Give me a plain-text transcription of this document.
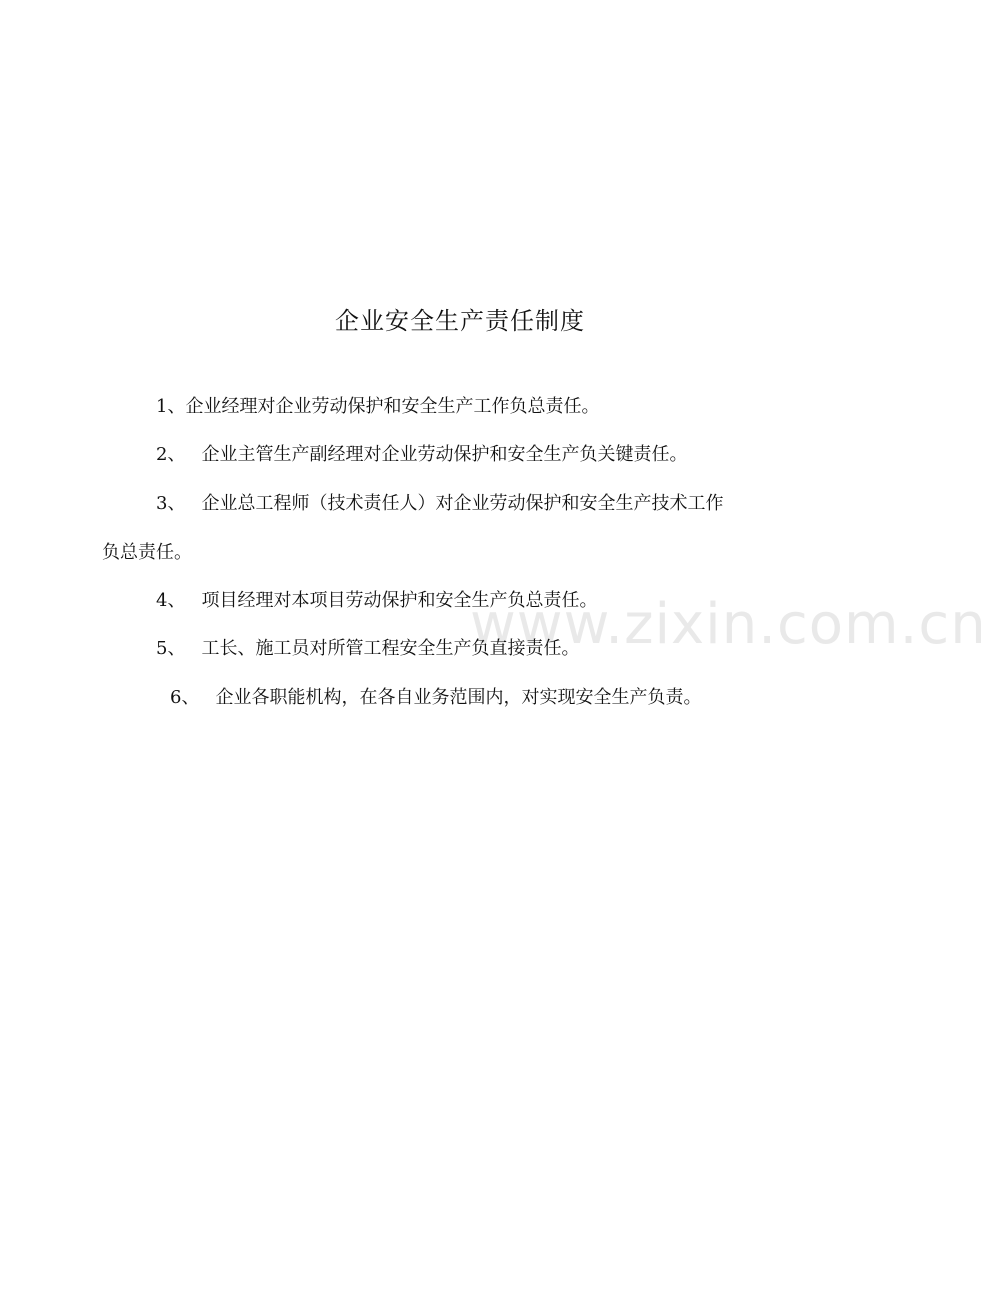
www.zixin.com.cn
企业安全生产责任制度
1、企业经理对企业劳动保护和安全生产工作负总责任。
2、 企业主管生产副经理对企业劳动保护和安全生产负关键责任。
3、 企业总工程师（技术责任人）对企业劳动保护和安全生产技术工作
负总责任。
4、 项目经理对本项目劳动保护和安全生产负总责任。
5、 工长、施工员对所管工程安全生产负直接责任。
6、 企业各职能机构，在各自业务范围内，对实现安全生产负责。
